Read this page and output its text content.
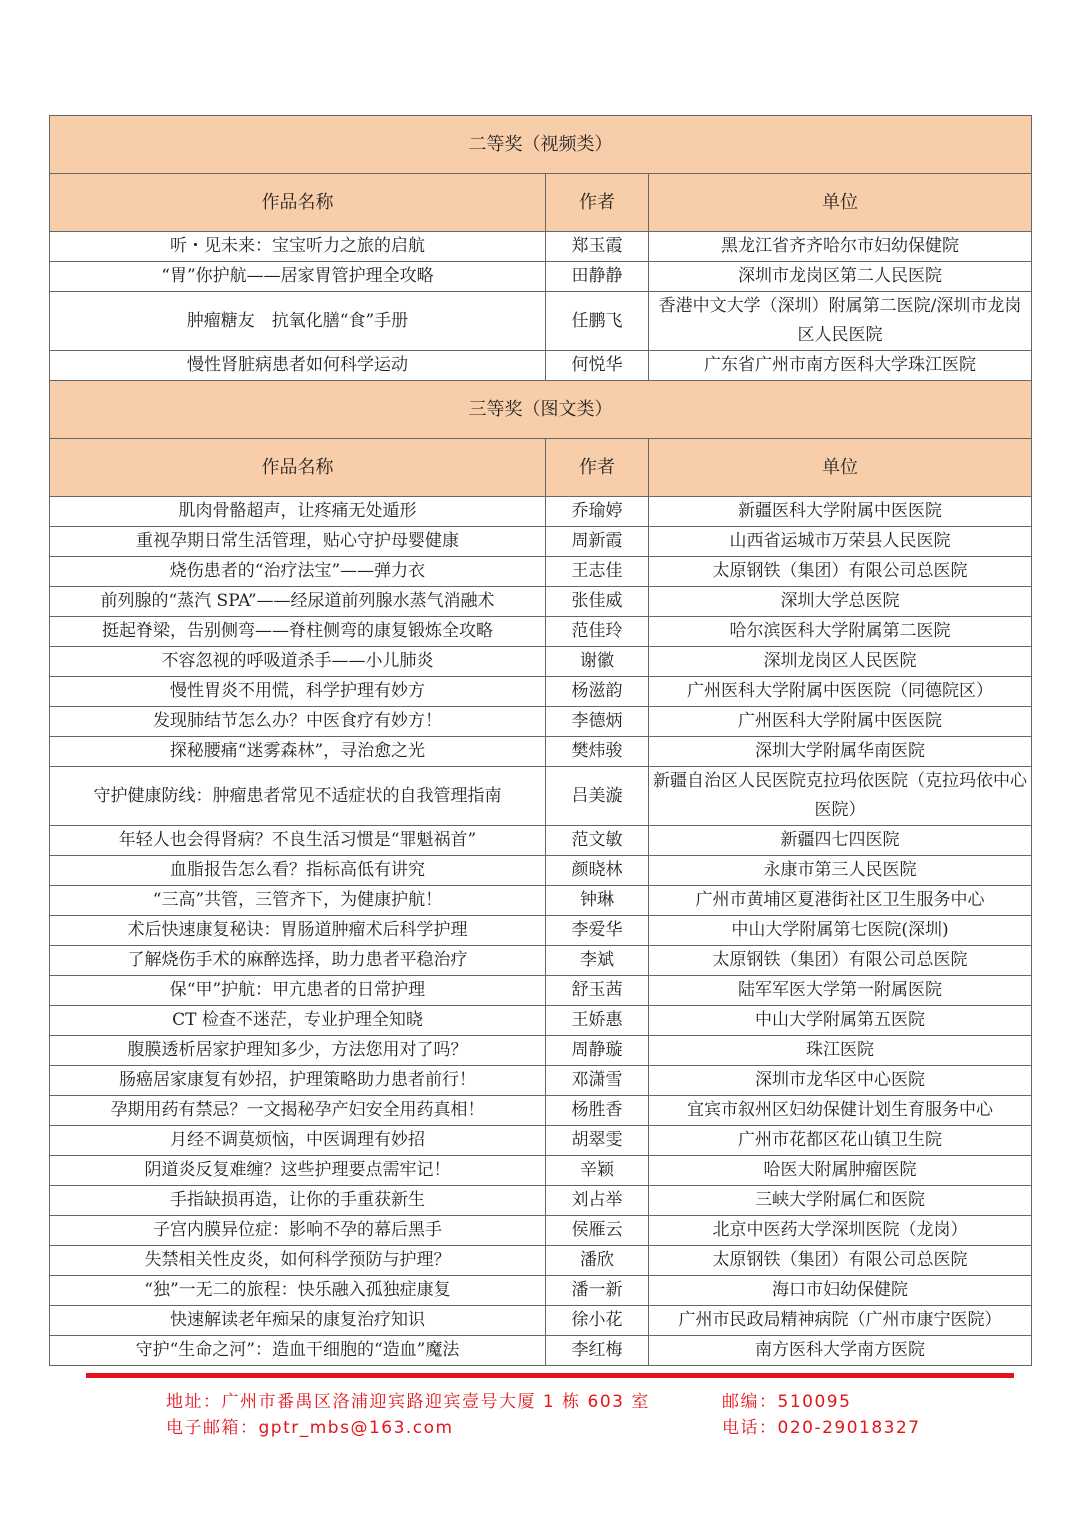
二等奖（视频类）		
作品名称	作者	单位
听・见未来：宝宝听力之旅的启航	郑玉霞	黑龙江省齐齐哈尔市妇幼保健院
“胃”你护航——居家胃管护理全攻略	田静静	深圳市龙岗区第二人民医院
肿瘤糖友　抗氧化膳“食”手册	任鹏飞	香港中文大学（深圳）附属第二医院/深圳市龙岗区人民医院
慢性肾脏病患者如何科学运动	何悦华	广东省广州市南方医科大学珠江医院
三等奖（图文类）		
作品名称	作者	单位
肌肉骨骼超声，让疼痛无处遁形	乔瑜婷	新疆医科大学附属中医医院
重视孕期日常生活管理，贴心守护母婴健康	周新霞	山西省运城市万荣县人民医院
烧伤患者的“治疗法宝”——弹力衣	王志佳	太原钢铁（集团）有限公司总医院
前列腺的“蒸汽 SPA”——经尿道前列腺水蒸气消融术	张佳威	深圳大学总医院
挺起脊梁，告别侧弯——脊柱侧弯的康复锻炼全攻略	范佳玲	哈尔滨医科大学附属第二医院
不容忽视的呼吸道杀手——小儿肺炎	谢徽	深圳龙岗区人民医院
慢性胃炎不用慌，科学护理有妙方	杨滋韵	广州医科大学附属中医医院（同德院区）
发现肺结节怎么办？中医食疗有妙方！	李德炳	广州医科大学附属中医医院
探秘腰痛“迷雾森林”，寻治愈之光	樊炜骏	深圳大学附属华南医院
守护健康防线：肿瘤患者常见不适症状的自我管理指南	吕美漩	新疆自治区人民医院克拉玛依医院（克拉玛依中心医院）
年轻人也会得肾病？不良生活习惯是“罪魁祸首”	范文敏	新疆四七四医院
血脂报告怎么看？指标高低有讲究	颜晓林	永康市第三人民医院
“三高”共管，三管齐下，为健康护航！	钟琳	广州市黄埔区夏港街社区卫生服务中心
术后快速康复秘诀：胃肠道肿瘤术后科学护理	李爱华	中山大学附属第七医院(深圳)
了解烧伤手术的麻醉选择，助力患者平稳治疗	李斌	太原钢铁（集团）有限公司总医院
保“甲”护航：甲亢患者的日常护理	舒玉茜	陆军军医大学第一附属医院
CT 检查不迷茫，专业护理全知晓	王娇惠	中山大学附属第五医院
腹膜透析居家护理知多少，方法您用对了吗？	周静璇	珠江医院
肠癌居家康复有妙招，护理策略助力患者前行！	邓潇雪	深圳市龙华区中心医院
孕期用药有禁忌？一文揭秘孕产妇安全用药真相！	杨胜香	宜宾市叙州区妇幼保健计划生育服务中心
月经不调莫烦恼，中医调理有妙招	胡翠雯	广州市花都区花山镇卫生院
阴道炎反复难缠？这些护理要点需牢记！	辛颖	哈医大附属肿瘤医院
手指缺损再造，让你的手重获新生	刘占举	三峡大学附属仁和医院
子宫内膜异位症：影响不孕的幕后黑手	侯雁云	北京中医药大学深圳医院（龙岗）
失禁相关性皮炎，如何科学预防与护理？	潘欣	太原钢铁（集团）有限公司总医院
“独”一无二的旅程：快乐融入孤独症康复	潘一新	海口市妇幼保健院
快速解读老年痴呆的康复治疗知识	徐小花	广州市民政局精神病院（广州市康宁医院）
守护“生命之河”：造血干细胞的“造血”魔法	李红梅	南方医科大学南方医院
地址：广州市番禺区洛浦迎宾路迎宾壹号大厦 1 栋 603 室	邮编：510095
电子邮箱：gptr_mbs@163.com	电话：020-29018327
